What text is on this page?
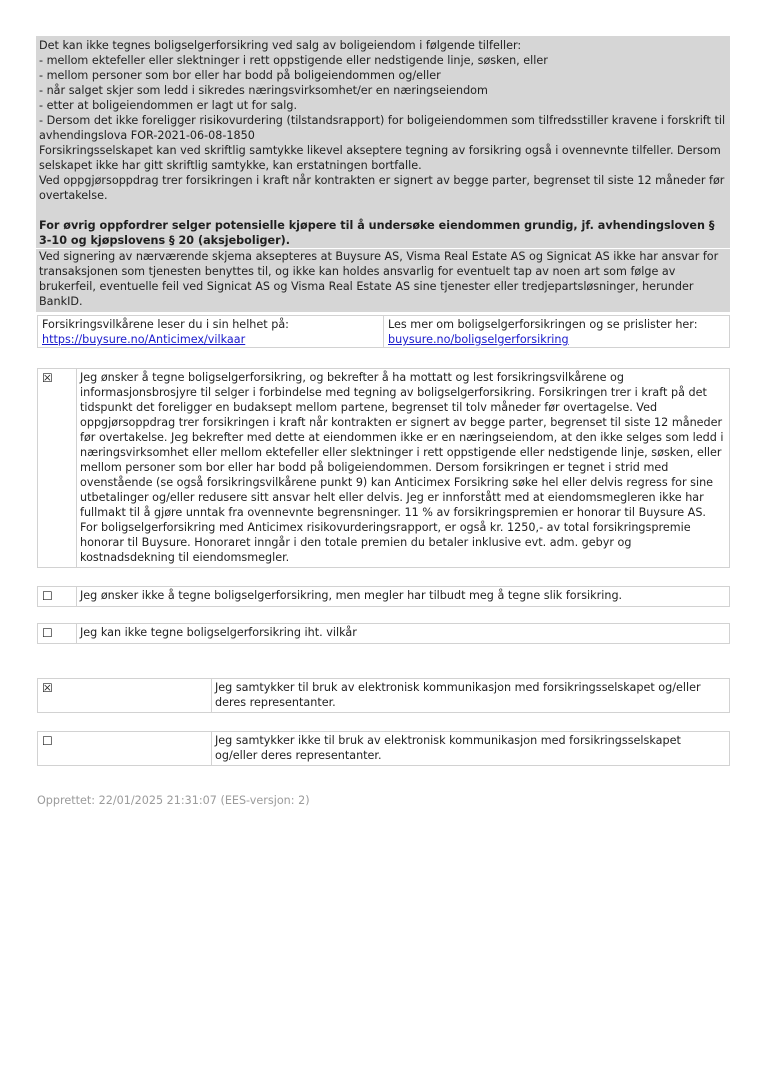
Det kan ikke tegnes boligselgerforsikring ved salg av boligeiendom i følgende tilfeller:

- mellom ektefeller eller slektninger i rett oppstigende eller nedstigende linje, søsken, eller

- mellom personer som bor eller har bodd på boligeiendommen og/eller

- når salget skjer som ledd i sikredes næringsvirksomhet/er en næringseiendom

- etter at boligeiendommen er lagt ut for salg.

- Dersom det ikke foreligger risikovurdering (tilstandsrapport) for boligeiendommen som tilfredsstiller kravene i forskrift til avhendingslova FOR-2021-06-08-1850

Forsikringsselskapet kan ved skriftlig samtykke likevel akseptere tegning av forsikring også i ovennevnte tilfeller. Dersom selskapet ikke har gitt skriftlig samtykke, kan erstatningen bortfalle.

Ved oppgjørsoppdrag trer forsikringen i kraft når kontrakten er signert av begge parter, begrenset til siste 12 måneder før overtakelse.

For øvrig oppfordrer selger potensielle kjøpere til å undersøke eiendommen grundig, jf. avhendingsloven § 3-10 og kjøpslovens § 20 (aksjeboliger).

Ved signering av nærværende skjema aksepteres at Buysure AS, Visma Real Estate AS og Signicat AS ikke har ansvar for transaksjonen som tjenesten benyttes til, og ikke kan holdes ansvarlig for eventuelt tap av noen art som følge av brukerfeil, eventuelle feil ved Signicat AS og Visma Real Estate AS sine tjenester eller tredjepartsløsninger, herunder BankID.

Forsikringsvilkårene leser du i sin helhet på:
https://buysure.no/Anticimex/vilkaar
Les mer om boligselgerforsikringen og se prislister her:
buysure.no/boligselgerforsikring
☒	Jeg ønsker å tegne boligselgerforsikring, og bekrefter å ha mottatt og lest forsikringsvilkårene og informasjonsbrosjyre til selger i forbindelse med tegning av boligselgerforsikring. Forsikringen trer i kraft på det tidspunkt det foreligger en budaksept mellom partene, begrenset til tolv måneder før overtagelse. Ved oppgjørsoppdrag trer forsikringen i kraft når kontrakten er signert av begge parter, begrenset til siste 12 måneder før overtakelse. Jeg bekrefter med dette at eiendommen ikke er en næringseiendom, at den ikke selges som ledd i næringsvirksomhet eller mellom ektefeller eller slektninger i rett oppstigende eller nedstigende linje, søsken, eller mellom personer som bor eller har bodd på boligeiendommen. Dersom forsikringen er tegnet i strid med ovenstående (se også forsikringsvilkårene punkt 9) kan Anticimex Forsikring søke hel eller delvis regress for sine utbetalinger og/eller redusere sitt ansvar helt eller delvis. Jeg er innforstått med at eiendomsmegleren ikke har fullmakt til å gjøre unntak fra ovennevnte begrensninger. 11 % av forsikringspremien er honorar til Buysure AS. For boligselgerforsikring med Anticimex risikovurderingsrapport, er også kr. 1250,- av total forsikringspremie honorar til Buysure. Honoraret inngår i den totale premien du betaler inklusive evt. adm. gebyr og kostnadsdekning til eiendomsmegler.
☐	Jeg ønsker ikke å tegne boligselgerforsikring, men megler har tilbudt meg å tegne slik forsikring.
☐	Jeg kan ikke tegne boligselgerforsikring iht. vilkår
☒	Jeg samtykker til bruk av elektronisk kommunikasjon med forsikringsselskapet og/eller deres representanter.
☐	Jeg samtykker ikke til bruk av elektronisk kommunikasjon med forsikringsselskapet og/eller deres representanter.
Opprettet: 22/01/2025 21:31:07 (EES-versjon: 2)
